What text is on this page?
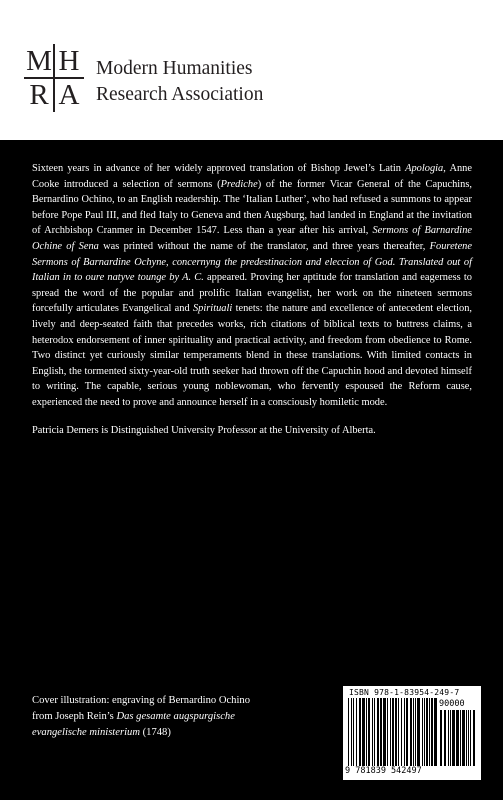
M H
R A
Modern Humanities
Research Association

Sixteen years in advance of her widely approved translation of Bishop Jewel’s Latin Apologia, Anne Cooke introduced a selection of sermons (Prediche) of the former Vicar General of the Capuchins, Bernardino Ochino, to an English readership. The ‘Italian Luther’, who had refused a summons to appear before Pope Paul III, and fled Italy to Geneva and then Augsburg, had landed in England at the invitation of Archbishop Cranmer in December 1547. Less than a year after his arrival, Sermons of Barnardine Ochine of Sena was printed without the name of the translator, and three years thereafter, Fouretene Sermons of Barnardine Ochyne, concernyng the predestinacion and eleccion of God. Translated out of Italian in to oure natyve tounge by A. C. appeared. Proving her aptitude for translation and eagerness to spread the word of the popular and prolific Italian evangelist, her work on the nineteen sermons forcefully articulates Evangelical and Spirituali tenets: the nature and excellence of antecedent election, lively and deep-seated faith that precedes works, rich citations of biblical texts to buttress claims, a heterodox endorsement of inner spirituality and practical activity, and freedom from obedience to Rome. Two distinct yet curiously similar temperaments blend in these translations. With limited contacts in English, the tormented sixty-year-old truth seeker had thrown off the Capuchin hood and devoted himself to writing. The capable, serious young noblewoman, who fervently espoused the Reform cause, experienced the need to prove and announce herself in a consciously homiletic mode.

Patricia Demers is Distinguished University Professor at the University of Alberta.

Cover illustration: engraving of Bernardino Ochino
from Joseph Rein’s Das gesamte augspurgische
evangelische ministerium (1748)
ISBN 978-1-83954-249-7
90000
9 781839 542497
